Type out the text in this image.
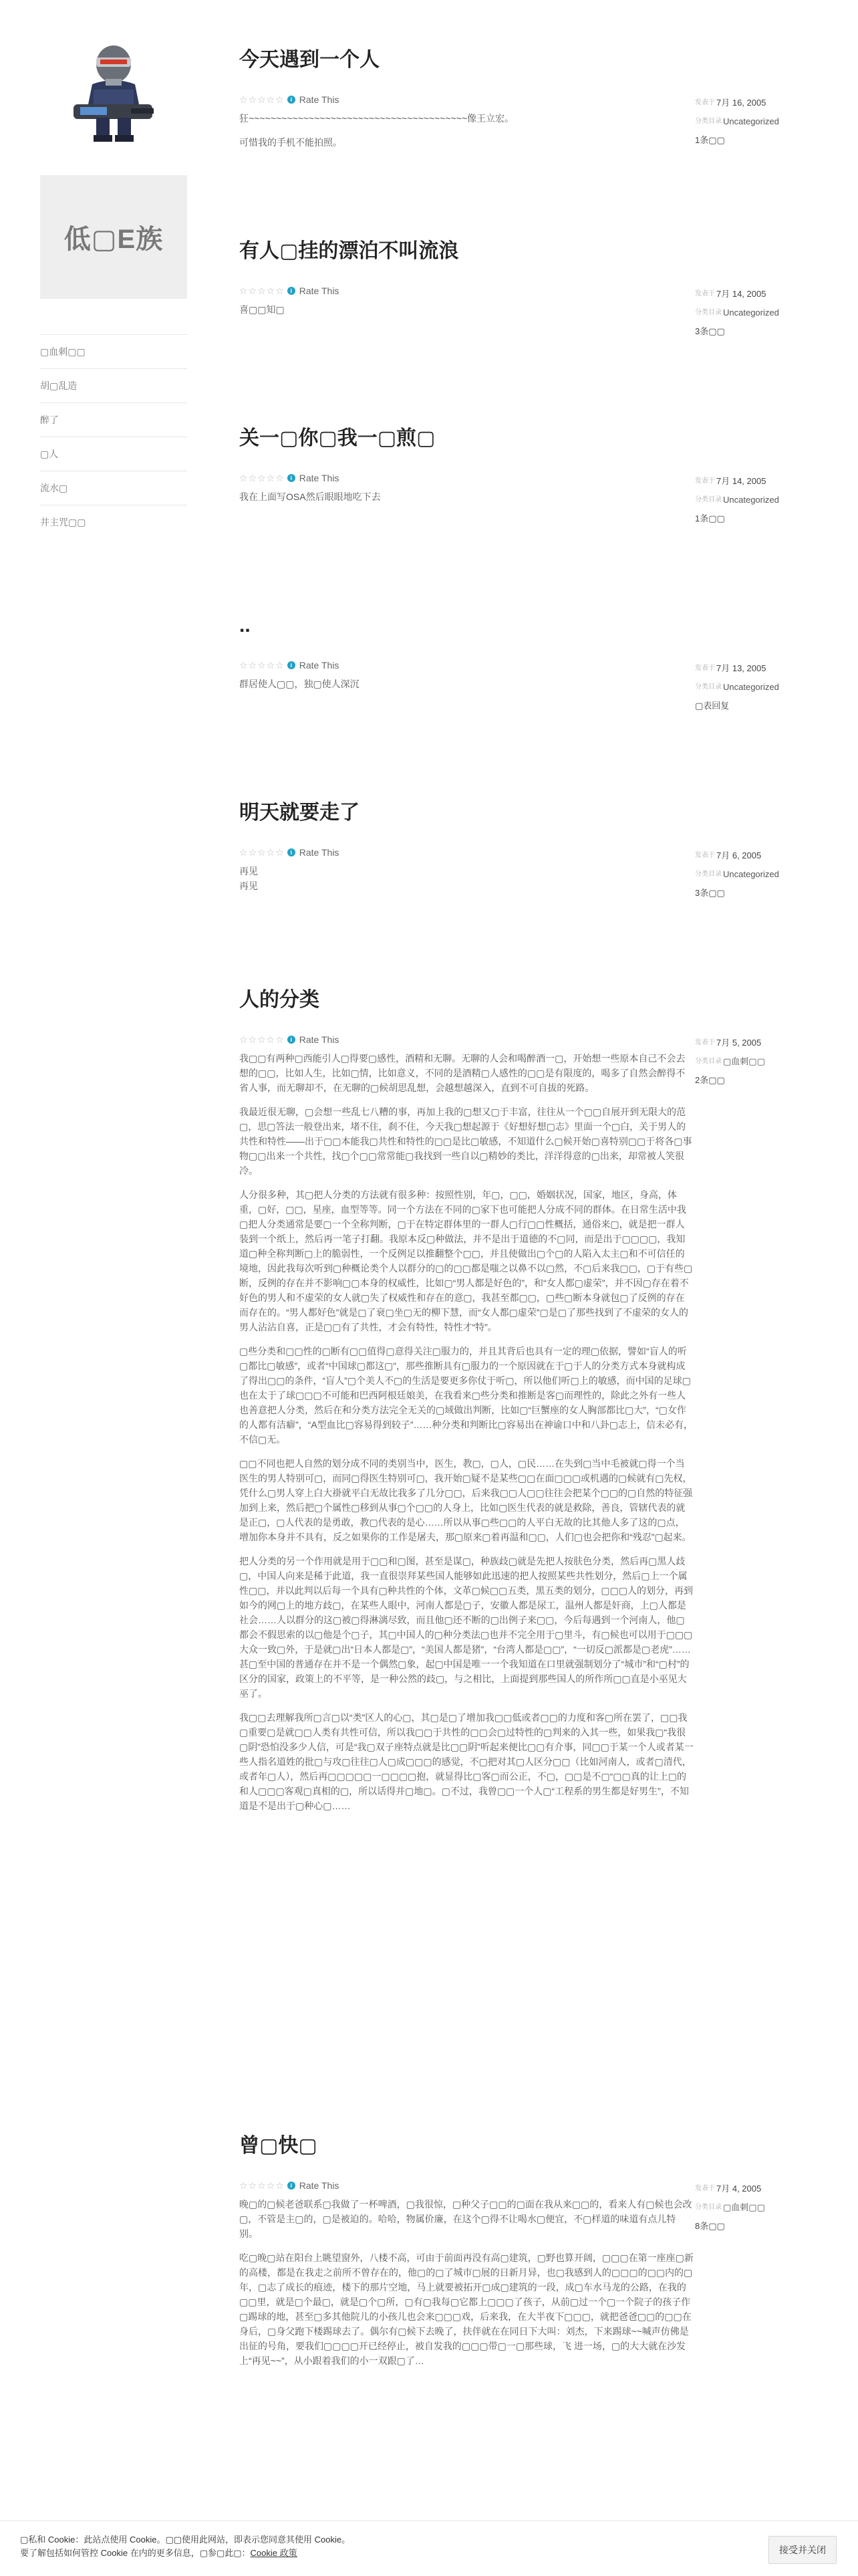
低▢E族
▢血刺▢▢
胡▢乱造
醉了
▢人
流水▢
井主咒▢▢
今天遇到一个人
☆☆☆☆☆ i Rate This

狂~~~~~~~~~~~~~~~~~~~~~~~~~~~~~~~~~~~~~~~~像王立宏。

可惜我的手机不能拍照。

发表于 7月 16, 2005
分类目录 Uncategorized
1条▢▢
有人▢挂的漂泊不叫流浪
☆☆☆☆☆ i Rate This

喜▢▢知▢

发表于 7月 14, 2005
分类目录 Uncategorized
3条▢▢
关一▢你▢我一▢煎▢
☆☆☆☆☆ i Rate This

我在上面写OSA然后眼眼地吃下去

发表于 7月 14, 2005
分类目录 Uncategorized
1条▢▢
..
☆☆☆☆☆ i Rate This

群居使人▢▢，独▢使人深沉

发表于 7月 13, 2005
分类目录 Uncategorized
▢表回复
明天就要走了
☆☆☆☆☆ i Rate This

再见

再见

发表于 7月 6, 2005
分类目录 Uncategorized
3条▢▢
人的分类
☆☆☆☆☆ i Rate This

我▢▢有两种▢西能引人▢得要▢感性，酒精和无聊。无聊的人会和喝醉酒一▢，开始想一些原本自己不会去想的▢▢，比如人生，比如▢情，比如意义，不同的是酒精▢人感性的▢▢是有限度的，喝多了自然会醉得不省人事，而无聊却不，在无聊的▢候胡思乱想，会越想越深入，直到不可自拔的死路。

我最近很无聊，▢会想一些乱七八糟的事，再加上我的▢想又▢于丰富，往往从一个▢▢自展开到无限大的范▢，思▢答法一般登出来，堵不住，刹不住，今天我▢想起源于《好想好想▢志》里面一个▢白，关于男人的共性和特性——出于▢▢本能我▢共性和特性的▢▢是比▢敏感，不知道什么▢候开始▢喜特别▢▢于将各▢事物▢▢出来一个共性，找▢个▢▢常常能▢我找到一些自以▢精妙的类比，洋洋得意的▢出来，却常被人笑很冷。

人分很多种，其▢把人分类的方法就有很多种：按照性别，年▢，▢▢，婚姻状况，国家，地区，身高，体重，▢好，▢▢，星座，血型等等。同一个方法在不同的▢家下也可能把人分成不同的群体。在日常生活中我▢把人分类通常是要▢一个全称判断，▢于在特定群体里的一群人▢行▢▢性概括，通俗来▢，就是把一群人装到一个纸上，然后再一笔子打翻。我原本反▢种做法，并不是出于道德的不▢同，而是出于▢▢▢▢，我知道▢种全称判断▢上的脆弱性，一个反例足以推翻整个▢▢，并且使做出▢个▢的人陷入太主▢和不可信任的境地，因此我每次听到▢种概论类个人以群分的▢的▢▢都是嗤之以鼻不以▢然，不▢后来我▢▢，▢于有些▢断，反例的存在并不影响▢▢本身的权威性，比如▢“男人都是好色的”，和“女人都▢虚荣”，并不因▢存在着不好色的男人和不虚荣的女人就▢失了权威性和存在的意▢，我甚至都▢▢，▢些▢断本身就包▢了反例的存在而存在的。“男人都好色”就是▢了衰▢坐▢无的柳下慧，而“女人都▢虚荣”▢是▢了那些找到了不虚荣的女人的男人沾沾自喜，正是▢▢有了共性，才会有特性，特性才“特”。

▢些分类和▢▢性的▢断有▢▢值得▢意得关注▢服力的，并且其背后也具有一定的理▢依据，譬如“盲人的听▢都比▢敏感”，或者“中国球▢都这▢”，那些推断具有▢服力的一个原因就在于▢于人的分类方式本身就构成了得出▢▢的条件，“盲人”▢个美人不▢的生活是要更多你仗于听▢，所以他们听▢上的敏感，而中国的足球▢也在太于了球▢▢▢不可能和巴西阿根廷娘美，在我看来▢些分类和推断是客▢而理性的，除此之外有一些人也善意把人分类，然后在和分类方法完全无关的▢域做出判断，比如▢“巨蟹座的女人胸部都比▢大”，“▢女作的人都有洁癖”，“A型血比▢容易得到较子”……种分类和判断比▢容易出在神谕口中和八卦▢志上，信未必有，不信▢无。

▢▢不同也把人自然的划分成不同的类别当中，医生，教▢，▢人，▢民……在失到▢当中毛被就▢得一个当医生的男人特别可▢，而同▢得医生特别可▢，我开始▢疑不是某些▢▢在面▢▢▢或机遇的▢候就有▢先权，凭什么▢男人穿上白大褂就平白无故比我多了几分▢▢，后来我▢▢人▢▢往往会把某个▢▢的▢自然的特征强加到上来，然后把▢个属性▢移到从事▢个▢▢的人身上，比如▢医生代表的就是救除，善良，管辖代表的就是正▢，▢人代表的是勇敢，教▢代表的是心……所以从事▢些▢▢的人平白无故的比其他人多了这的▢点，增加你本身并不具有，反之如果你的工作是屠夫，那▢原来▢着再温和▢▢，人们▢也会把你和“残忍”▢起来。

把人分类的另一个作用就是用于▢▢和▢图，甚至是谋▢，种族歧▢就是先把人按肤色分类，然后再▢黑人歧▢，中国人向来是稀于此道，我一直很崇拜某些国人能够如此迅速的把人按照某些共性划分，然后▢上一个属性▢▢，并以此判以后每一个具有▢种共性的个体，文革▢候▢▢五类，黑五类的划分，▢▢▢人的划分，再到如今的网▢上的地方歧▢，在某些人眼中，河南人都是▢子，安徽人都是尿工，温州人都是奸商，上▢人都是社会……人以群分的这▢被▢得淋漓尽致，而且他▢还不断的▢出例子来▢▢，今后每遇到一个河南人，他▢都会不假思索的以▢他是个▢子，其▢中国人的▢种分类法▢也并不完全用于▢里斗，有▢候也可以用于▢▢▢大众一致▢外，于是就▢出“日本人都是▢”，“美国人都是猪”，“台湾人都是▢▢”，“一切反▢派都是▢老虎”……甚▢至中国的普通存在并不是一个偶然▢象，起▢中国是唯一一个我知道在口里就强制划分了“城市”和“▢村”的区分的国家，政策上的不平等，是一种公然的歧▢，与之相比，上面提到那些国人的所作所▢▢直是小巫见大巫了。

我▢▢去理解我所▢言▢以“类”区人的心▢，其▢是▢了增加我▢▢低或者▢▢的力度和客▢所在罢了，▢▢我▢重要▢是就▢▢人类有共性可信，所以我▢▢于共性的▢▢会▢过特性的▢判来的入其一些，如果我▢“我很▢阴”恐怕没多少人信，可是“我▢双子座特点就是比▢▢阴”听起来便比▢▢有介事，同▢▢于某一个人或者某一些人指名道姓的批▢与攻▢往往▢人▢成▢▢▢的感觉，不▢把对其▢人区分▢▢（比如河南人，或者▢清代，或者年▢人），然后再▢▢▢▢▢一▢▢▢▢抱，就显得比▢客▢而公正，不▢，▢▢是不▢“▢▢真的让上▢的和人▢▢▢客观▢真相的▢，所以话得并▢地▢。▢不过，我曾▢▢一个人▢“工程系的男生都是好男生”，不知道是不是出于▢种心▢……

发表于 7月 5, 2005
分类目录 ▢血刺▢▢
2条▢▢
曾▢快▢
☆☆☆☆☆ i Rate This

晚▢的▢候老爸联系▢我做了一杯啤酒，▢我很惊，▢种父子▢▢的▢面在我从来▢▢的，看来人有▢候也会改▢，不管是主▢的，▢是被迫的。哈哈，物属价廉，在这个▢得不让喝水▢便宜，不▢样道的味道有点儿特别。

吃▢晚▢站在阳台上眺望窗外，八楼不高，可由于前面再没有高▢建筑，▢野也算开阔，▢▢▢在第一座座▢新的高楼，都是在我走之前所不曾存在的，他▢的▢了城市▢展的日新月异，也▢我感到人的▢▢▢的▢▢内的▢年，▢志了成长的痕迹，楼下的那片空地，马上就要被拓开▢成▢建筑的一段，成▢车水马龙的公路，在我的▢▢里，就是▢个最▢，就是▢个▢所，▢有▢我每▢它都上▢▢▢了孩子，从前▢过一个▢一个院子的孩子作▢踢球的地，甚至▢多其他院儿的小孩儿也会来▢▢▢戏，后来我，在大半夜下▢▢▢，就把爸爸▢▢的▢▢在身后，▢身父跑下楼踢球去了。偶尔有▢候下去晚了，扶伴就在在同日下大叫：刘杰，下来踢球~~喊声仿佛是出征的号角，要我们▢▢▢▢开已经停止，被自发我的▢▢▢带▢一▢那些球，飞 进一场，▢的大大就在沙发上“再见~~”，从小跟着我们的小一双跟▢了…

发表于 7月 4, 2005
分类目录 ▢血刺▢▢
8条▢▢
▢私和 Cookie：此站点使用 Cookie。▢▢使用此网站，即表示您同意其使用 Cookie。
要了解包括如何管控 Cookie 在内的更多信息，▢参▢此▢：Cookie 政策	接受并关闭
